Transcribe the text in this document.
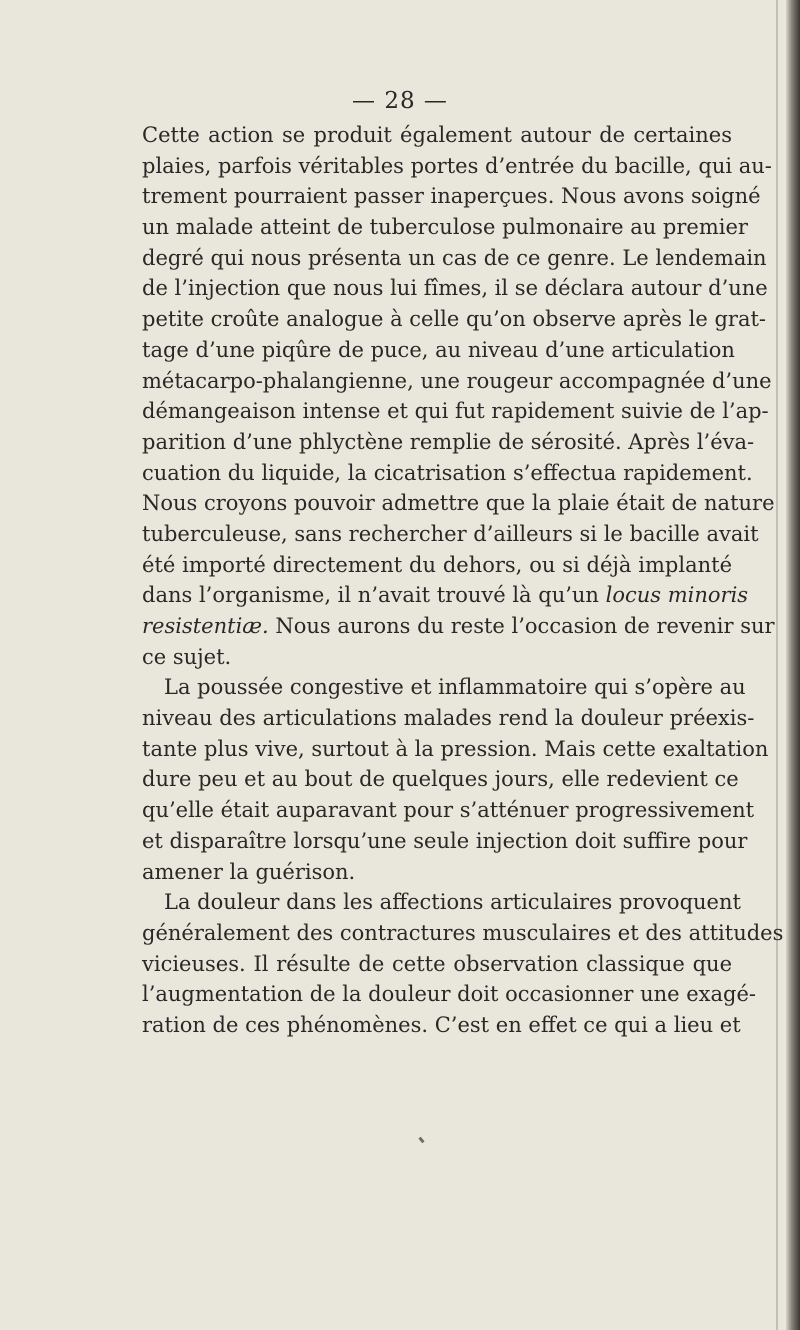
— 28 —
Cette action se produit également autour de certaines
plaies, parfois véritables portes d’entrée du bacille, qui au-
trement pourraient passer inaperçues. Nous avons soigné
un malade atteint de tuberculose pulmonaire au premier
degré qui nous présenta un cas de ce genre. Le lendemain
de l’injection que nous lui fîmes, il se déclara autour d’une
petite croûte analogue à celle qu’on observe après le grat-
tage d’une piqûre de puce, au niveau d’une articulation
métacarpo-phalangienne, une rougeur accompagnée d’une
démangeaison intense et qui fut rapidement suivie de l’ap-
parition d’une phlyctène remplie de sérosité. Après l’éva-
cuation du liquide, la cicatrisation s’effectua rapidement.
Nous croyons pouvoir admettre que la plaie était de nature
tuberculeuse, sans rechercher d’ailleurs si le bacille avait
été importé directement du dehors, ou si déjà implanté
dans l’organisme, il n’avait trouvé là qu’un locus minoris
resistentiæ. Nous aurons du reste l’occasion de revenir sur
ce sujet.
La poussée congestive et inflammatoire qui s’opère au
niveau des articulations malades rend la douleur préexis-
tante plus vive, surtout à la pression. Mais cette exaltation
dure peu et au bout de quelques jours, elle redevient ce
qu’elle était auparavant pour s’atténuer progressivement
et disparaître lorsqu’une seule injection doit suffire pour
amener la guérison.
La douleur dans les affections articulaires provoquent
généralement des contractures musculaires et des attitudes
vicieuses. Il résulte de cette observation classique que
l’augmentation de la douleur doit occasionner une exagé-
ration de ces phénomènes. C’est en effet ce qui a lieu et
